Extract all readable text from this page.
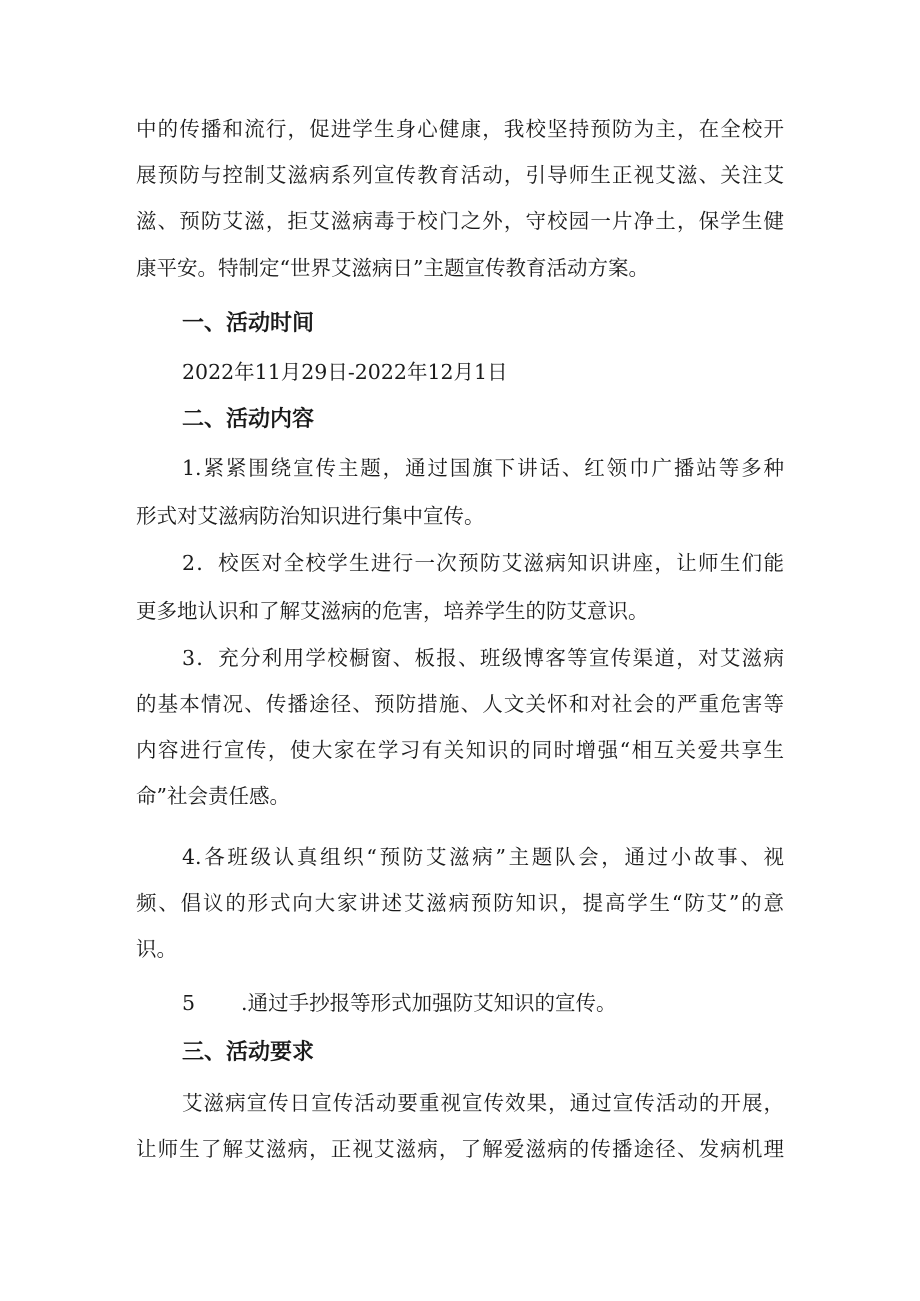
中的传播和流行，促进学生身心健康，我校坚持预防为主，在全校开
展预防与控制艾滋病系列宣传教育活动，引导师生正视艾滋、关注艾
滋、预防艾滋，拒艾滋病毒于校门之外，守校园一片净土，保学生健
康平安。特制定“世界艾滋病日”主题宣传教育活动方案。
一、活动时间
2022年11月29日-2022年12月1日
二、活动内容
1.紧紧围绕宣传主题，通过国旗下讲话、红领巾广播站等多种
形式对艾滋病防治知识进行集中宣传。
2．校医对全校学生进行一次预防艾滋病知识讲座，让师生们能
更多地认识和了解艾滋病的危害，培养学生的防艾意识。
3．充分利用学校橱窗、板报、班级博客等宣传渠道，对艾滋病
的基本情况、传播途径、预防措施、人文关怀和对社会的严重危害等
内容进行宣传，使大家在学习有关知识的同时增强“相互关爱共享生
命”社会责任感。
4.各班级认真组织“预防艾滋病”主题队会，通过小故事、视
频、倡议的形式向大家讲述艾滋病预防知识，提高学生“防艾”的意
识。
5 .通过手抄报等形式加强防艾知识的宣传。
三、活动要求
艾滋病宣传日宣传活动要重视宣传效果，通过宣传活动的开展，
让师生了解艾滋病，正视艾滋病，了解爱滋病的传播途径、发病机理
